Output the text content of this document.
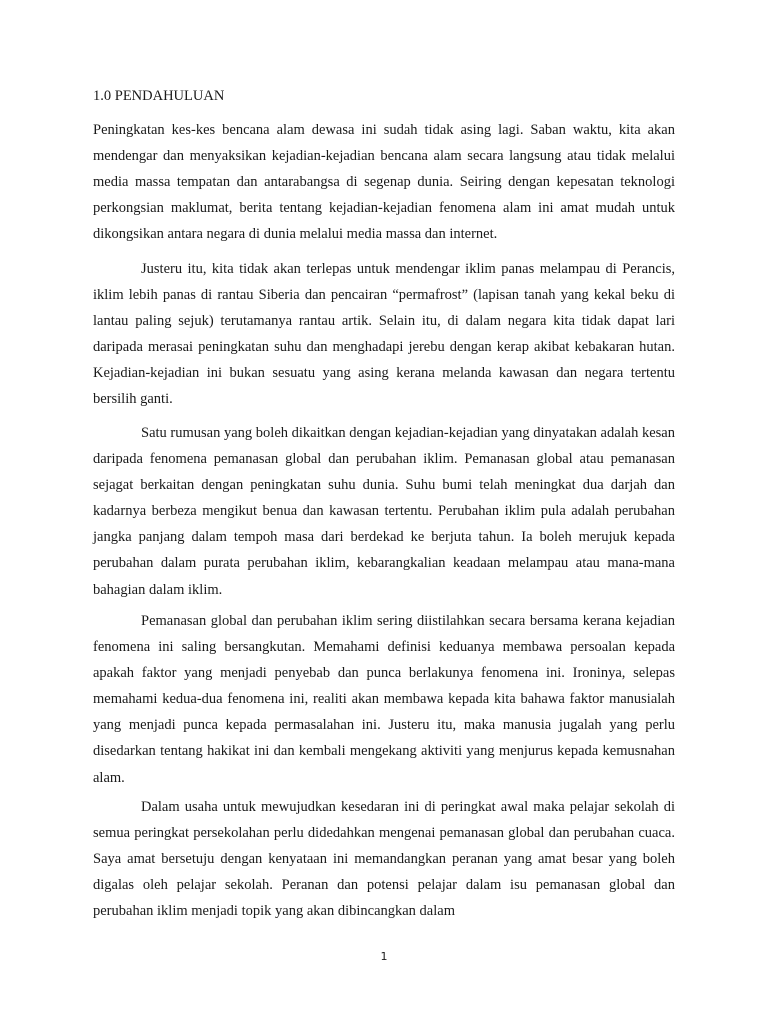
1.0 PENDAHULUAN

Peningkatan kes-kes bencana alam dewasa ini sudah tidak asing lagi. Saban waktu, kita akan mendengar dan menyaksikan kejadian-kejadian bencana alam secara langsung atau tidak melalui media massa tempatan dan antarabangsa di segenap dunia. Seiring dengan kepesatan teknologi perkongsian maklumat, berita tentang kejadian-kejadian fenomena alam ini amat mudah untuk dikongsikan antara negara di dunia melalui media massa dan internet.

Justeru itu, kita tidak akan terlepas untuk mendengar iklim panas melampau di Perancis, iklim lebih panas di rantau Siberia dan pencairan “permafrost” (lapisan tanah yang kekal beku di lantau paling sejuk) terutamanya rantau artik. Selain itu, di dalam negara kita tidak dapat lari daripada merasai peningkatan suhu dan menghadapi jerebu dengan kerap akibat kebakaran hutan. Kejadian-kejadian ini bukan sesuatu yang asing kerana melanda kawasan dan negara tertentu bersilih ganti.

Satu rumusan yang boleh dikaitkan dengan kejadian-kejadian yang dinyatakan adalah kesan daripada fenomena pemanasan global dan perubahan iklim. Pemanasan global atau pemanasan sejagat berkaitan dengan peningkatan suhu dunia. Suhu bumi telah meningkat dua darjah dan kadarnya berbeza mengikut benua dan kawasan tertentu. Perubahan iklim pula adalah perubahan jangka panjang dalam tempoh masa dari berdekad ke berjuta tahun. Ia boleh merujuk kepada perubahan dalam purata perubahan iklim, kebarangkalian keadaan melampau atau mana-mana bahagian dalam iklim.

Pemanasan global dan perubahan iklim sering diistilahkan secara bersama kerana kejadian fenomena ini saling bersangkutan. Memahami definisi keduanya membawa persoalan kepada apakah faktor yang menjadi penyebab dan punca berlakunya fenomena ini. Ironinya, selepas memahami kedua-dua fenomena ini, realiti akan membawa kepada kita bahawa faktor manusialah yang menjadi punca kepada permasalahan ini. Justeru itu, maka manusia jugalah yang perlu disedarkan tentang hakikat ini dan kembali mengekang aktiviti yang menjurus kepada kemusnahan alam.

Dalam usaha untuk mewujudkan kesedaran ini di peringkat awal maka pelajar sekolah di semua peringkat persekolahan perlu didedahkan mengenai pemanasan global dan perubahan cuaca. Saya amat bersetuju dengan kenyataan ini memandangkan peranan yang amat besar yang boleh digalas oleh pelajar sekolah. Peranan dan potensi pelajar dalam isu pemanasan global dan perubahan iklim menjadi topik yang akan dibincangkan dalam

1
